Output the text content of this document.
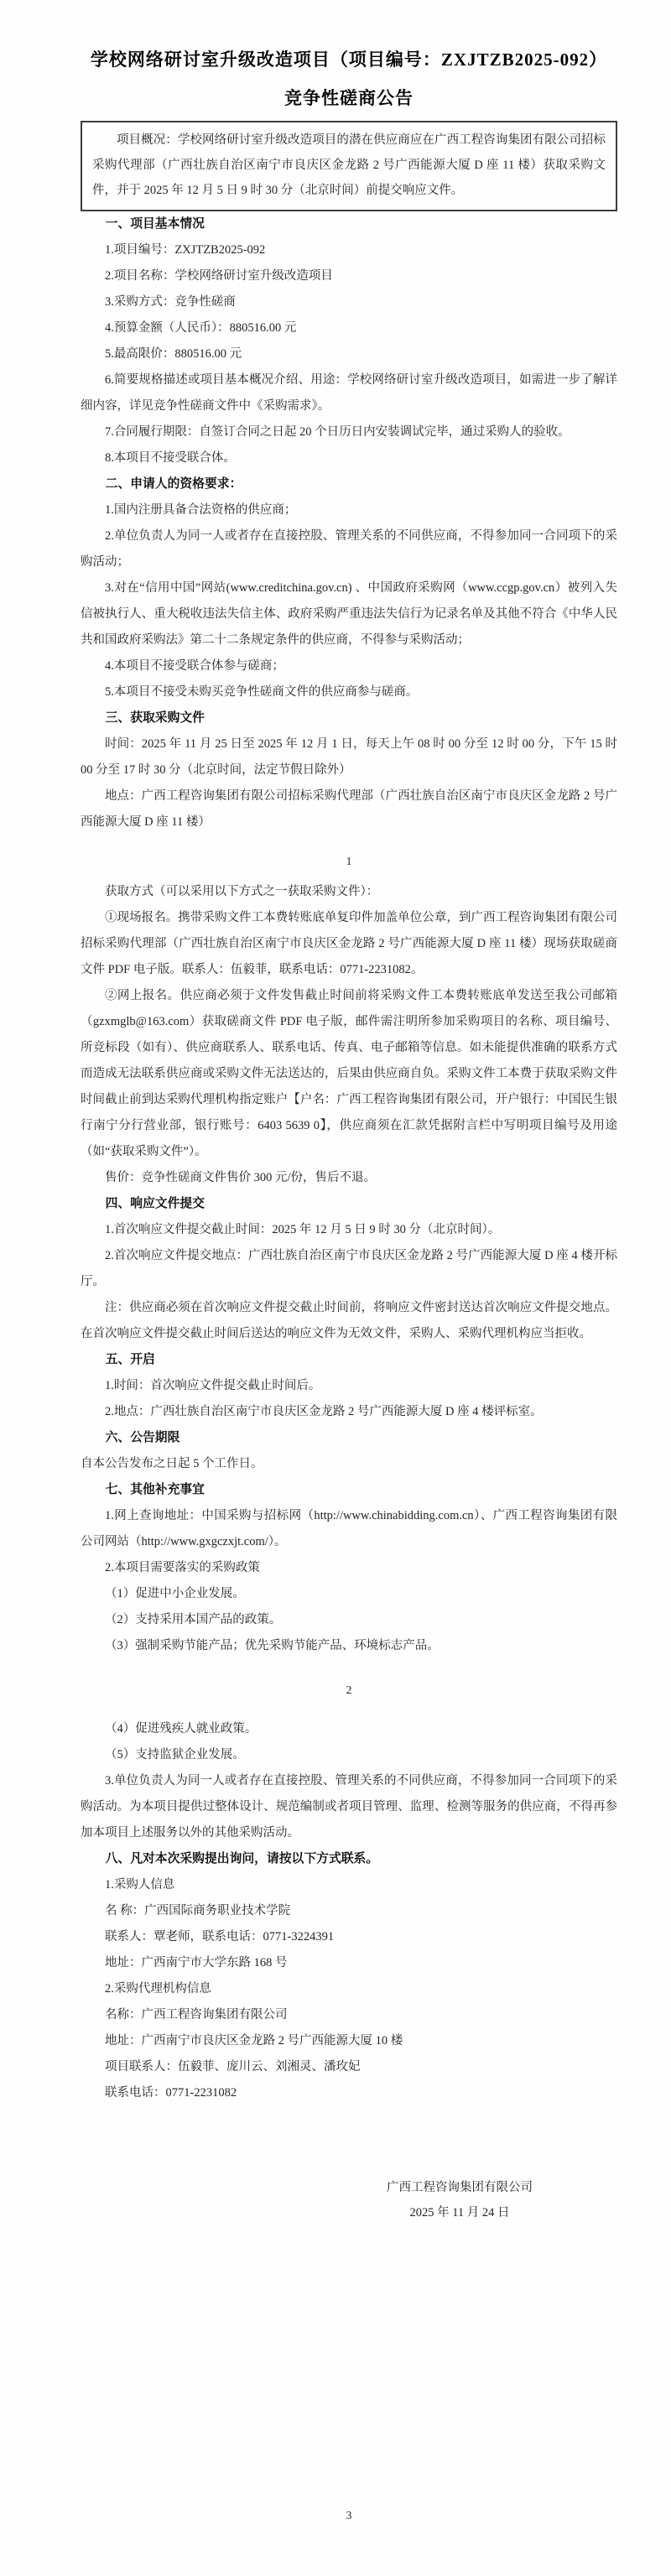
学校网络研讨室升级改造项目（项目编号：ZXJTZB2025-092）
竞争性磋商公告
项目概况：学校网络研讨室升级改造项目的潜在供应商应在广西工程咨询集团有限公司招标采购代理部（广西壮族自治区南宁市良庆区金龙路 2 号广西能源大厦 D 座 11 楼）获取采购文件，并于 2025 年 12 月 5 日 9 时 30 分（北京时间）前提交响应文件。
一、项目基本情况

1.项目编号：ZXJTZB2025-092

2.项目名称：学校网络研讨室升级改造项目

3.采购方式：竞争性磋商

4.预算金额（人民币）：880516.00 元

5.最高限价：880516.00 元

6.简要规格描述或项目基本概况介绍、用途：学校网络研讨室升级改造项目，如需进一步了解详细内容，详见竞争性磋商文件中《采购需求》。

7.合同履行期限：自签订合同之日起 20 个日历日内安装调试完毕，通过采购人的验收。

8.本项目不接受联合体。

二、申请人的资格要求：

1.国内注册具备合法资格的供应商；

2.单位负责人为同一人或者存在直接控股、管理关系的不同供应商，不得参加同一合同项下的采购活动；

3.对在“信用中国”网站(www.creditchina.gov.cn) 、中国政府采购网（www.ccgp.gov.cn）被列入失信被执行人、重大税收违法失信主体、政府采购严重违法失信行为记录名单及其他不符合《中华人民共和国政府采购法》第二十二条规定条件的供应商，不得参与采购活动；

4.本项目不接受联合体参与磋商；

5.本项目不接受未购买竞争性磋商文件的供应商参与磋商。

三、获取采购文件

时间：2025 年 11 月 25 日至 2025 年 12 月 1 日，每天上午 08 时 00 分至 12 时 00 分，下午 15 时 00 分至 17 时 30 分（北京时间，法定节假日除外）

地点：广西工程咨询集团有限公司招标采购代理部（广西壮族自治区南宁市良庆区金龙路 2 号广西能源大厦 D 座 11 楼）

1

获取方式（可以采用以下方式之一获取采购文件）：

①现场报名。携带采购文件工本费转账底单复印件加盖单位公章，到广西工程咨询集团有限公司招标采购代理部（广西壮族自治区南宁市良庆区金龙路 2 号广西能源大厦 D 座 11 楼）现场获取磋商文件 PDF 电子版。联系人：伍毅菲，联系电话：0771-2231082。

②网上报名。供应商必须于文件发售截止时间前将采购文件工本费转账底单发送至我公司邮箱（gzxmglb@163.com）获取磋商文件 PDF 电子版，邮件需注明所参加采购项目的名称、项目编号、所竞标段（如有）、供应商联系人、联系电话、传真、电子邮箱等信息。如未能提供准确的联系方式而造成无法联系供应商或采购文件无法送达的，后果由供应商自负。采购文件工本费于获取采购文件时间截止前到达采购代理机构指定账户【户名：广西工程咨询集团有限公司，开户银行：中国民生银行南宁分行营业部，银行账号：6403 5639 0】，供应商须在汇款凭据附言栏中写明项目编号及用途（如“获取采购文件”）。

售价：竞争性磋商文件售价 300 元/份，售后不退。

四、响应文件提交

1.首次响应文件提交截止时间：2025 年 12 月 5 日 9 时 30 分（北京时间）。

2.首次响应文件提交地点：广西壮族自治区南宁市良庆区金龙路 2 号广西能源大厦 D 座 4 楼开标厅。

注：供应商必须在首次响应文件提交截止时间前，将响应文件密封送达首次响应文件提交地点。在首次响应文件提交截止时间后送达的响应文件为无效文件，采购人、采购代理机构应当拒收。

五、开启

1.时间：首次响应文件提交截止时间后。

2.地点：广西壮族自治区南宁市良庆区金龙路 2 号广西能源大厦 D 座 4 楼评标室。

六、公告期限

自本公告发布之日起 5 个工作日。

七、其他补充事宜

1.网上查询地址：中国采购与招标网（http://www.chinabidding.com.cn）、广西工程咨询集团有限公司网站（http://www.gxgczxjt.com/）。

2.本项目需要落实的采购政策

（1）促进中小企业发展。

（2）支持采用本国产品的政策。

（3）强制采购节能产品；优先采购节能产品、环境标志产品。

2

（4）促进残疾人就业政策。

（5）支持监狱企业发展。

3.单位负责人为同一人或者存在直接控股、管理关系的不同供应商，不得参加同一合同项下的采购活动。为本项目提供过整体设计、规范编制或者项目管理、监理、检测等服务的供应商，不得再参加本项目上述服务以外的其他采购活动。

八、凡对本次采购提出询问，请按以下方式联系。

1.采购人信息

名 称：广西国际商务职业技术学院

联系人：覃老师，联系电话：0771-3224391

地址：广西南宁市大学东路 168 号

2.采购代理机构信息

名称：广西工程咨询集团有限公司

地址：广西南宁市良庆区金龙路 2 号广西能源大厦 10 楼

项目联系人：伍毅菲、庞川云、刘湘灵、潘玫妃

联系电话：0771-2231082

广西工程咨询集团有限公司
2025 年 11 月 24 日
3
